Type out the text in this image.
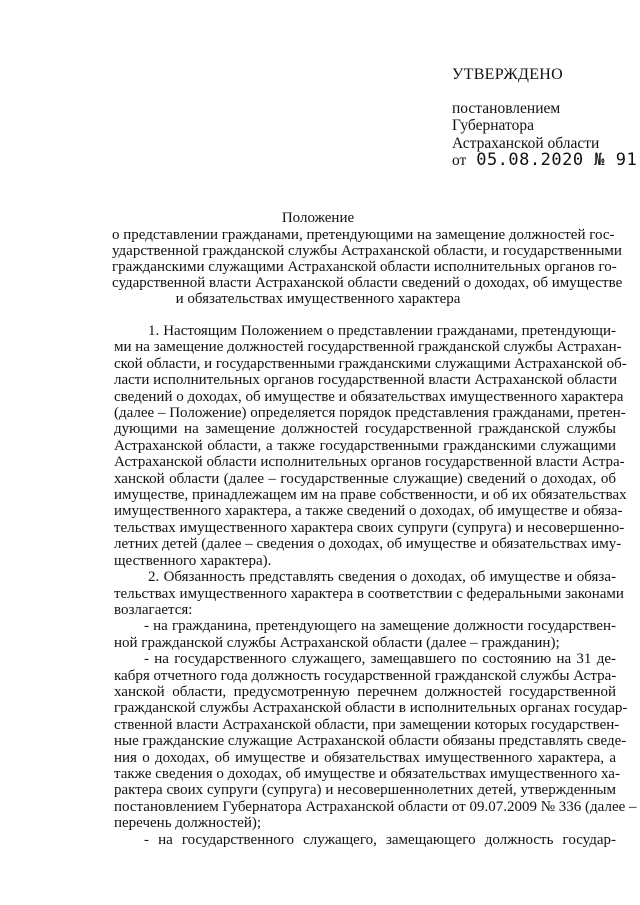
УТВЕРЖДЕНО
постановлением
Губернатора
Астраханской области
от 05.08.2020 № 91
Положение
о представлении гражданами, претендующими на замещение должностей гос-
ударственной гражданской службы Астраханской области, и государственными
гражданскими служащими Астраханской области исполнительных органов го-
сударственной власти Астраханской области сведений о доходах, об имуществе
и обязательствах имущественного характера
1. Настоящим Положением о представлении гражданами, претендующи-
ми на замещение должностей государственной гражданской службы Астрахан-
ской области, и государственными гражданскими служащими Астраханской об-
ласти исполнительных органов государственной власти Астраханской области
сведений о доходах, об имуществе и обязательствах имущественного характера
(далее – Положение) определяется порядок представления гражданами, претен-
дующими на замещение должностей государственной гражданской службы
Астраханской области, а также государственными гражданскими служащими
Астраханской области исполнительных органов государственной власти Астра-
ханской области (далее – государственные служащие) сведений о доходах, об
имуществе, принадлежащем им на праве собственности, и об их обязательствах
имущественного характера, а также сведений о доходах, об имуществе и обяза-
тельствах имущественного характера своих супруги (супруга) и несовершенно-
летних детей (далее – сведения о доходах, об имуществе и обязательствах иму-
щественного характера).
2. Обязанность представлять сведения о доходах, об имуществе и обяза-
тельствах имущественного характера в соответствии с федеральными законами
возлагается:
- на гражданина, претендующего на замещение должности государствен-
ной гражданской службы Астраханской области (далее – гражданин);
- на государственного служащего, замещавшего по состоянию на 31 де-
кабря отчетного года должность государственной гражданской службы Астра-
ханской области, предусмотренную перечнем должностей государственной
гражданской службы Астраханской области в исполнительных органах государ-
ственной власти Астраханской области, при замещении которых государствен-
ные гражданские служащие Астраханской области обязаны представлять сведе-
ния о доходах, об имуществе и обязательствах имущественного характера, а
также сведения о доходах, об имуществе и обязательствах имущественного ха-
рактера своих супруги (супруга) и несовершеннолетних детей, утвержденным
постановлением Губернатора Астраханской области от 09.07.2009 № 336 (далее –
перечень должностей);
- на государственного служащего, замещающего должность государ-
